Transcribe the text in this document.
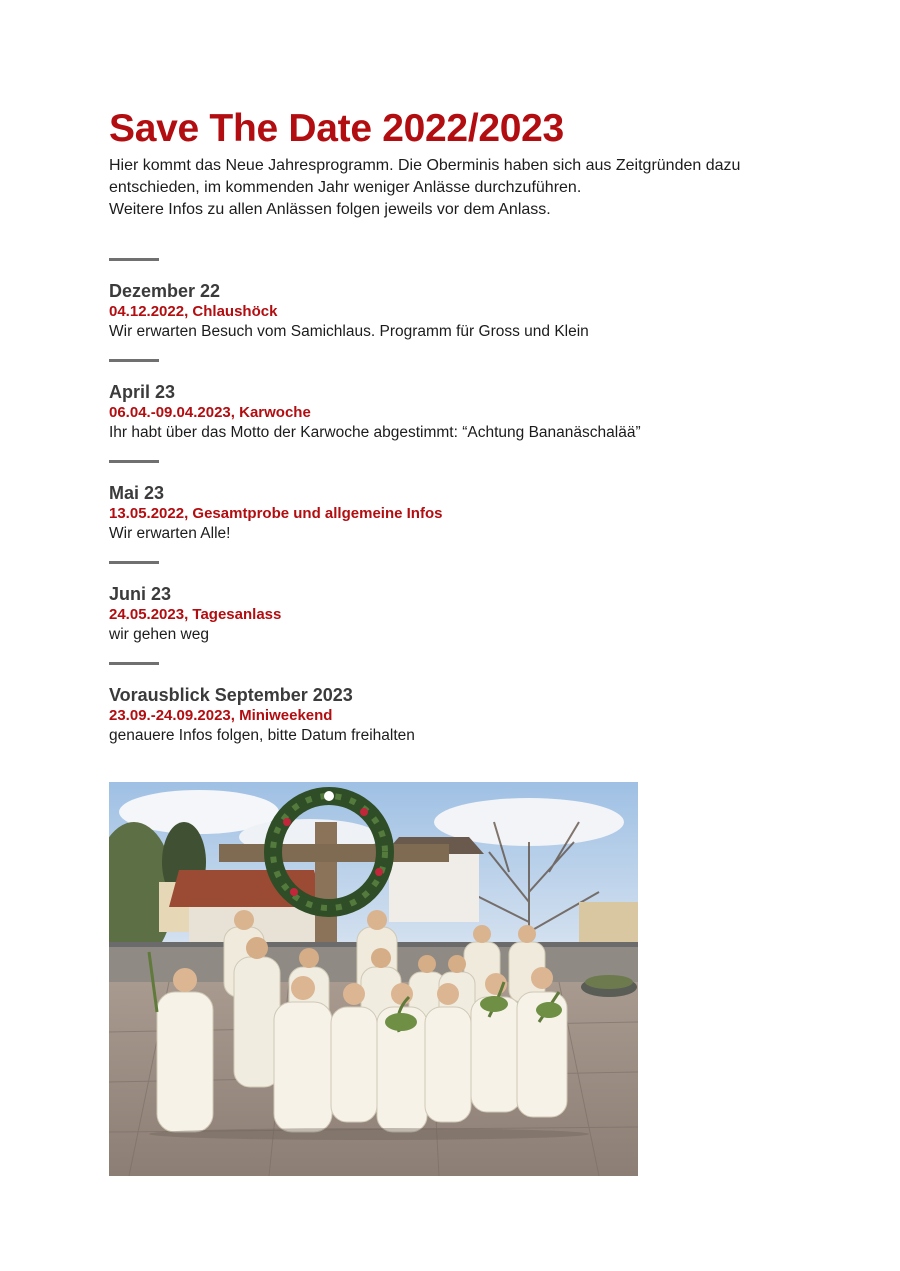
Save The Date 2022/2023
Hier kommt das Neue Jahresprogramm. Die Oberminis haben sich aus Zeitgründen dazu
entschieden, im kommenden Jahr weniger Anlässe durchzuführen.
Weitere Infos zu allen Anlässen folgen jeweils vor dem Anlass.
Dezember 22
04.12.2022, Chlaushöck
Wir erwarten Besuch vom Samichlaus. Programm für Gross und Klein
April 23
06.04.-09.04.2023, Karwoche
Ihr habt über das Motto der Karwoche abgestimmt: “Achtung Bananäschalää”
Mai 23
13.05.2022, Gesamtprobe und allgemeine Infos
Wir erwarten Alle!
Juni 23
24.05.2023, Tagesanlass
wir gehen weg
Vorausblick September 2023
23.09.-24.09.2023, Miniweekend
genauere Infos folgen, bitte Datum freihalten
